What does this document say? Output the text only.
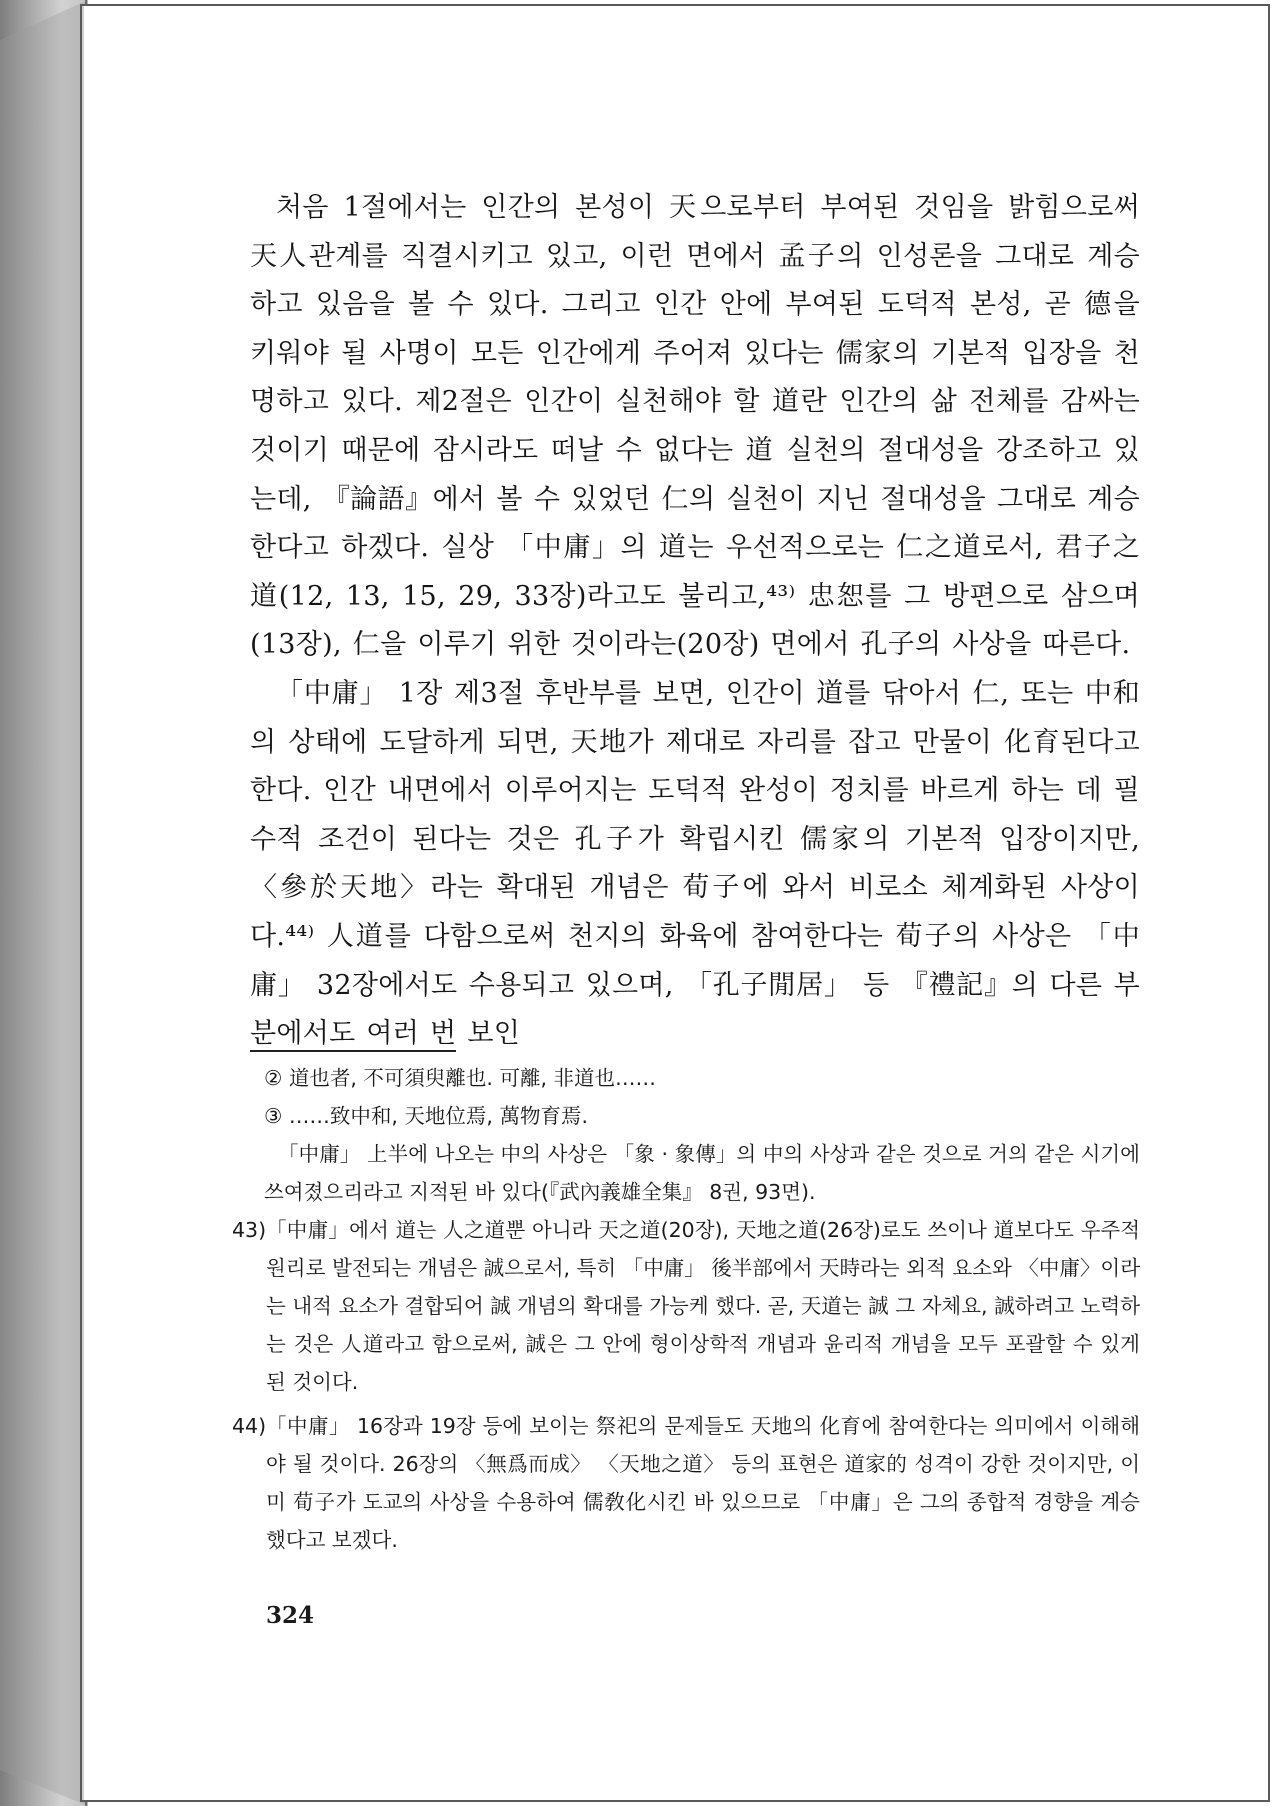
처음 1절에서는 인간의 본성이 天으로부터 부여된 것임을 밝힘으로써 天人관계를 직결시키고 있고, 이런 면에서 孟子의 인성론을 그대로 계승하고 있음을 볼 수 있다. 그리고 인간 안에 부여된 도덕적 본성, 곧 德을 키워야 될 사명이 모든 인간에게 주어져 있다는 儒家의 기본적 입장을 천명하고 있다. 제2절은 인간이 실천해야 할 道란 인간의 삶 전체를 감싸는 것이기 때문에 잠시라도 떠날 수 없다는 道 실천의 절대성을 강조하고 있는데, 『論語』에서 볼 수 있었던 仁의 실천이 지닌 절대성을 그대로 계승한다고 하겠다. 실상 「中庸」의 道는 우선적으로는 仁之道로서, 君子之道(12, 13, 15, 29, 33장)라고도 불리고,⁴³⁾ 忠恕를 그 방편으로 삼으며(13장), 仁을 이루기 위한 것이라는(20장) 면에서 孔子의 사상을 따른다.

「中庸」 1장 제3절 후반부를 보면, 인간이 道를 닦아서 仁, 또는 中和의 상태에 도달하게 되면, 天地가 제대로 자리를 잡고 만물이 化育된다고 한다. 인간 내면에서 이루어지는 도덕적 완성이 정치를 바르게 하는 데 필수적 조건이 된다는 것은 孔子가 확립시킨 儒家의 기본적 입장이지만, 〈參於天地〉라는 확대된 개념은 荀子에 와서 비로소 체계화된 사상이다.⁴⁴⁾ 人道를 다함으로써 천지의 화육에 참여한다는 荀子의 사상은 「中庸」 32장에서도 수용되고 있으며, 「孔子閒居」 등 『禮記』의 다른 부분에서도 여러 번 보인

② 道也者, 不可須臾離也. 可離, 非道也……

③ ……致中和, 天地位焉, 萬物育焉.

「中庸」 上半에 나오는 中의 사상은 「象 · 象傳」의 中의 사상과 같은 것으로 거의 같은 시기에 쓰여졌으리라고 지적된 바 있다(『武內義雄全集』 8권, 93면).

43) 「中庸」에서 道는 人之道뿐 아니라 天之道(20장), 天地之道(26장)로도 쓰이나 道보다도 우주적 원리로 발전되는 개념은 誠으로서, 특히 「中庸」 後半部에서 天時라는 외적 요소와 〈中庸〉이라는 내적 요소가 결합되어 誠 개념의 확대를 가능케 했다. 곧, 天道는 誠 그 자체요, 誠하려고 노력하는 것은 人道라고 함으로써, 誠은 그 안에 형이상학적 개념과 윤리적 개념을 모두 포괄할 수 있게 된 것이다.
44) 「中庸」 16장과 19장 등에 보이는 祭祀의 문제들도 天地의 化育에 참여한다는 의미에서 이해해야 될 것이다. 26장의 〈無爲而成〉 〈天地之道〉 등의 표현은 道家的 성격이 강한 것이지만, 이미 荀子가 도교의 사상을 수용하여 儒敎化시킨 바 있으므로 「中庸」은 그의 종합적 경향을 계승했다고 보겠다.
324
